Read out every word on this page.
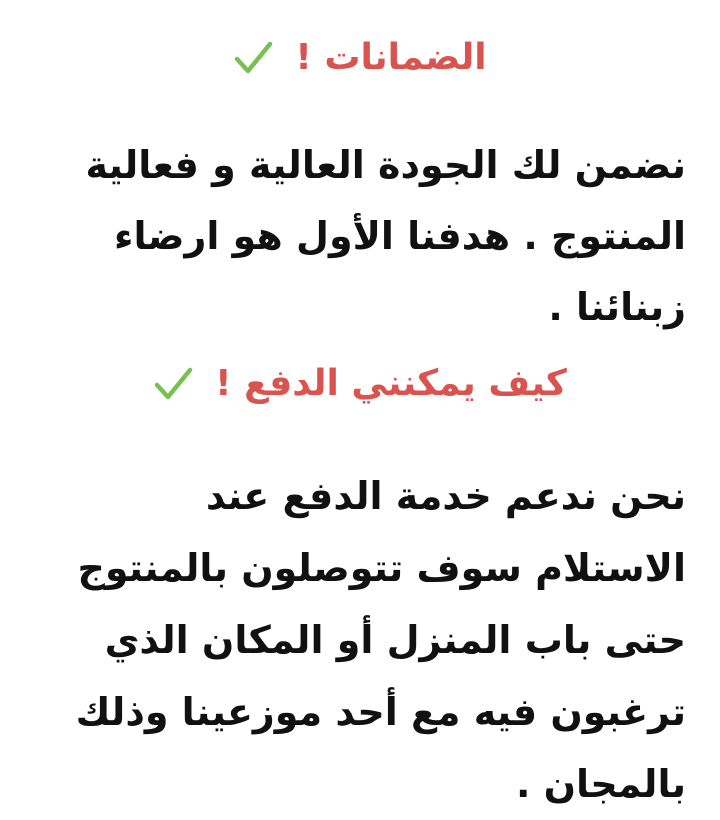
الضمانات !

نضمن لك الجودة العالية و فعالية

المنتوج . هدفنا الأول هو ارضاء

زبنائنا .

كيف يمكنني الدفع !

نحن ندعم خدمة الدفع عند

الاستلام سوف تتوصلون بالمنتوج

حتى باب المنزل أو المكان الذي

ترغبون فيه مع أحد موزعينا وذلك

بالمجان .
